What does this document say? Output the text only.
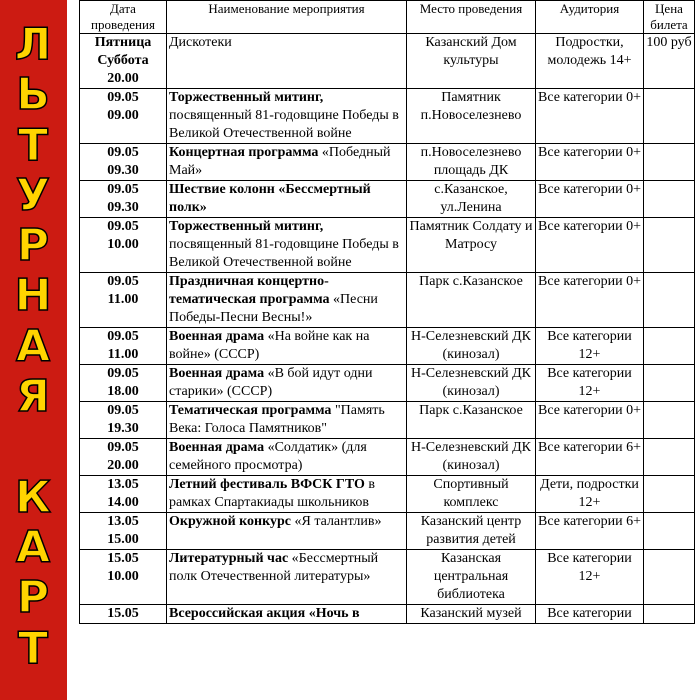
Л
Ь
Т
У
Р
Н
А
Я
К
А
Р
Т
Дата проведения	Наименование мероприятия	Место проведения	Аудитория	Цена билета

Пятница
Суббота
20.00	Дискотеки	Казанский Дом культуры	Подростки, молодежь 14+	100 руб

09.05
09.00	Торжественный митинг, посвященный 81-годовщине Победы в Великой Отечественной войне	Памятник п.Новоселезнево	Все категории 0+	

09.05
09.30	Концертная программа «Победный Май»	п.Новоселезнево площадь ДК	Все категории 0+	

09.05
09.30	Шествие колонн «Бессмертный полк»	с.Казанское, ул.Ленина	Все категории 0+	

09.05
10.00	Торжественный митинг, посвященный 81-годовщине Победы в Великой Отечественной войне	Памятник Солдату и Матросу	Все категории 0+	

09.05
11.00	Праздничная концертно-тематическая программа «Песни Победы-Песни Весны!»	Парк с.Казанское	Все категории 0+	

09.05
11.00	Военная драма «На войне как на войне» (СССР)	Н-Селезневский ДК (кинозал)	Все категории 12+	

09.05
18.00	Военная драма «В бой идут одни старики» (СССР)	Н-Селезневский ДК (кинозал)	Все категории 12+	

09.05
19.30	Тематическая программа "Память Века: Голоса Памятников"	Парк с.Казанское	Все категории 0+	

09.05
20.00	Военная драма «Солдатик» (для семейного просмотра)	Н-Селезневский ДК (кинозал)	Все категории 6+	

13.05
14.00	Летний фестиваль ВФСК ГТО в рамках Спартакиады школьников	Спортивный комплекс	Дети, подростки 12+	

13.05
15.00	Окружной конкурс «Я талантлив»	Казанский центр развития детей	Все категории 6+	

15.05
10.00	Литературный час «Бессмертный полк Отечественной литературы»	Казанская центральная библиотека	Все категории 12+	

15.05	Всероссийская акция «Ночь в	Казанский музей	Все категории	
